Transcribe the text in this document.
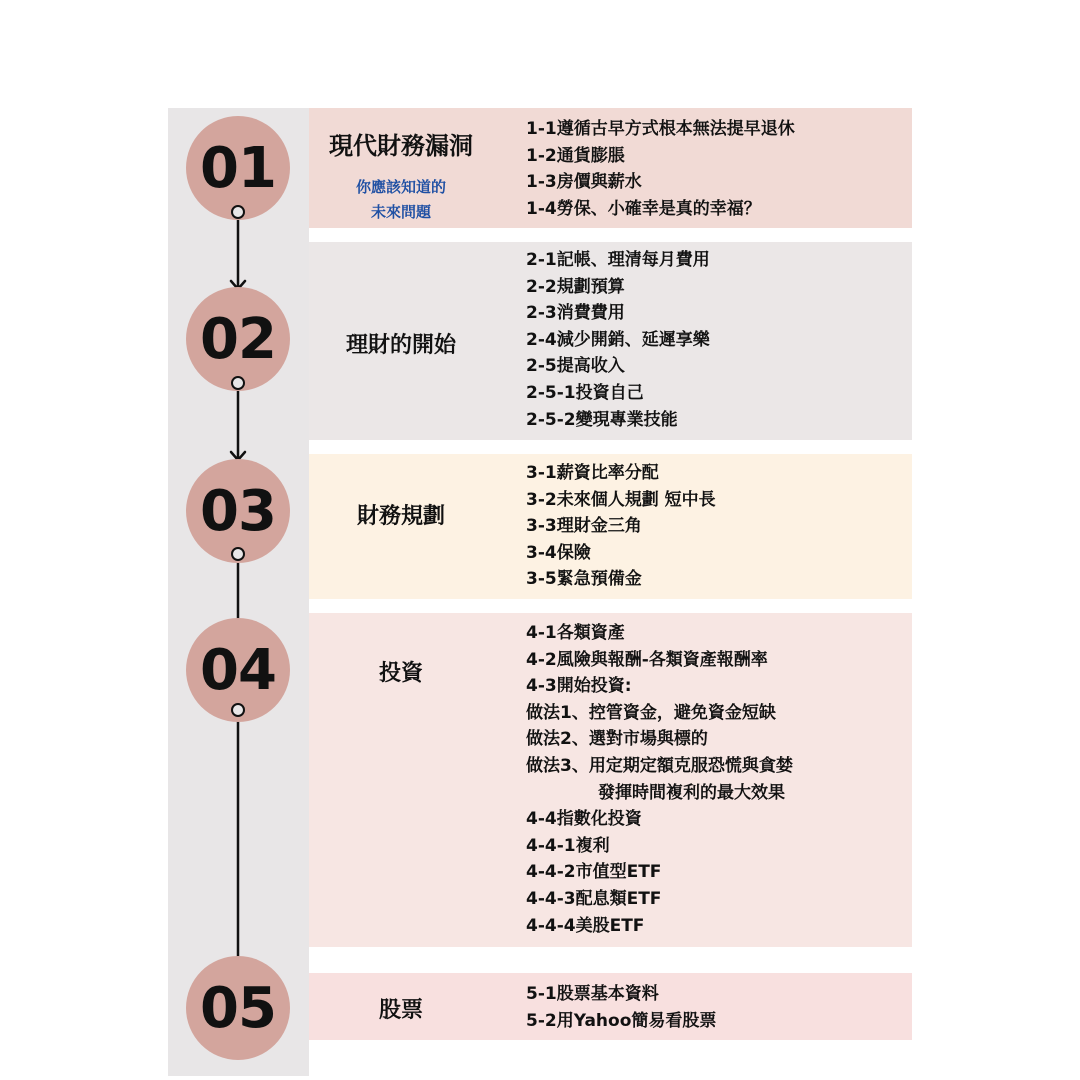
01
02
03
04
05
現代財務漏洞
你應該知道的
未來問題
理財的開始
財務規劃
投資
股票
1-1遵循古早方式根本無法提早退休
1-2通貨膨脹
1-3房價與薪水
1-4勞保、小確幸是真的幸福？
2-1記帳、理清每月費用
2-2規劃預算
2-3消費費用
2-4減少開銷、延遲享樂
2-5提高收入
2-5-1投資自己
2-5-2變現專業技能
3-1薪資比率分配
3-2未來個人規劃 短中長
3-3理財金三角
3-4保險
3-5緊急預備金
4-1各類資產
4-2風險與報酬-各類資產報酬率
4-3開始投資:
做法1、控管資金，避免資金短缺
做法2、選對市場與標的
做法3、用定期定額克服恐慌與貪婪
發揮時間複利的最大效果
4-4指數化投資
4-4-1複利
4-4-2市值型ETF
4-4-3配息類ETF
4-4-4美股ETF
5-1股票基本資料
5-2用Yahoo簡易看股票
